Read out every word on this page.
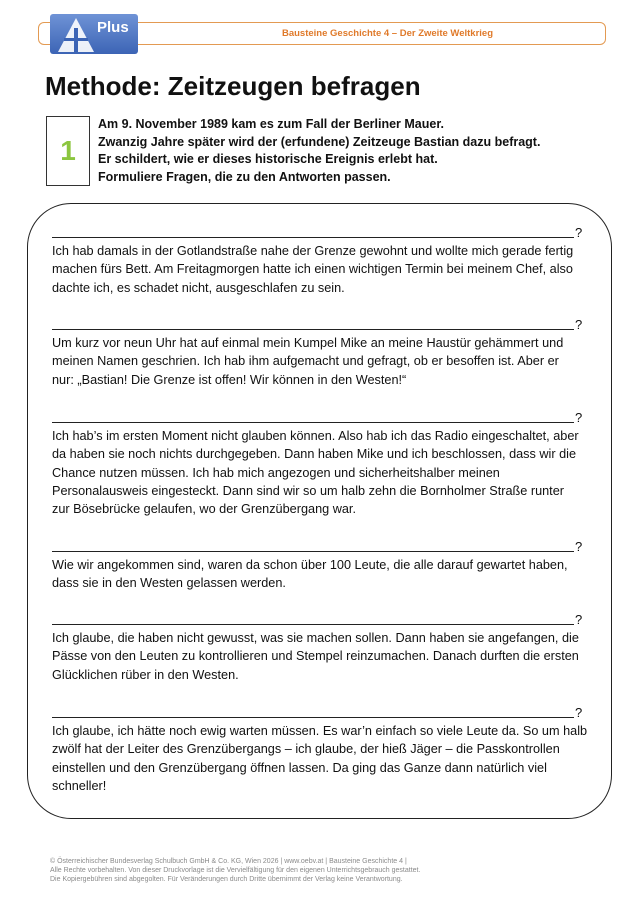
Bausteine Geschichte 4 – Der Zweite Weltkrieg
Plus
Methode: Zeitzeugen befragen
1
Am 9. November 1989 kam es zum Fall der Berliner Mauer.
Zwanzig Jahre später wird der (erfundene) Zeitzeuge Bastian dazu befragt.
Er schildert, wie er dieses historische Ereignis erlebt hat.
Formuliere Fragen, die zu den Antworten passen.
?
Ich hab damals in der Gotlandstraße nahe der Grenze gewohnt und wollte mich gerade fertig
machen fürs Bett. Am Freitagmorgen hatte ich einen wichtigen Termin bei meinem Chef, also
dachte ich, es schadet nicht, ausgeschlafen zu sein.
?
Um kurz vor neun Uhr hat auf einmal mein Kumpel Mike an meine Haustür gehämmert und
meinen Namen geschrien. Ich hab ihm aufgemacht und gefragt, ob er besoffen ist. Aber er
nur: „Bastian! Die Grenze ist offen! Wir können in den Westen!“
?
Ich hab’s im ersten Moment nicht glauben können. Also hab ich das Radio eingeschaltet, aber
da haben sie noch nichts durchgegeben. Dann haben Mike und ich beschlossen, dass wir die
Chance nutzen müssen. Ich hab mich angezogen und sicherheitshalber meinen
Personalausweis eingesteckt. Dann sind wir so um halb zehn die Bornholmer Straße runter
zur Bösebrücke gelaufen, wo der Grenzübergang war.
?
Wie wir angekommen sind, waren da schon über 100 Leute, die alle darauf gewartet haben,
dass sie in den Westen gelassen werden.
?
Ich glaube, die haben nicht gewusst, was sie machen sollen. Dann haben sie angefangen, die
Pässe von den Leuten zu kontrollieren und Stempel reinzumachen. Danach durften die ersten
Glücklichen rüber in den Westen.
?
Ich glaube, ich hätte noch ewig warten müssen. Es war’n einfach so viele Leute da. So um halb
zwölf hat der Leiter des Grenzübergangs – ich glaube, der hieß Jäger – die Passkontrollen
einstellen und den Grenzübergang öffnen lassen. Da ging das Ganze dann natürlich viel
schneller!
© Österreichischer Bundesverlag Schulbuch GmbH & Co. KG, Wien 2026 | www.oebv.at | Bausteine Geschichte 4 |
Alle Rechte vorbehalten. Von dieser Druckvorlage ist die Vervielfältigung für den eigenen Unterrichtsgebrauch gestattet.
Die Kopiergebühren sind abgegolten. Für Veränderungen durch Dritte übernimmt der Verlag keine Verantwortung.
